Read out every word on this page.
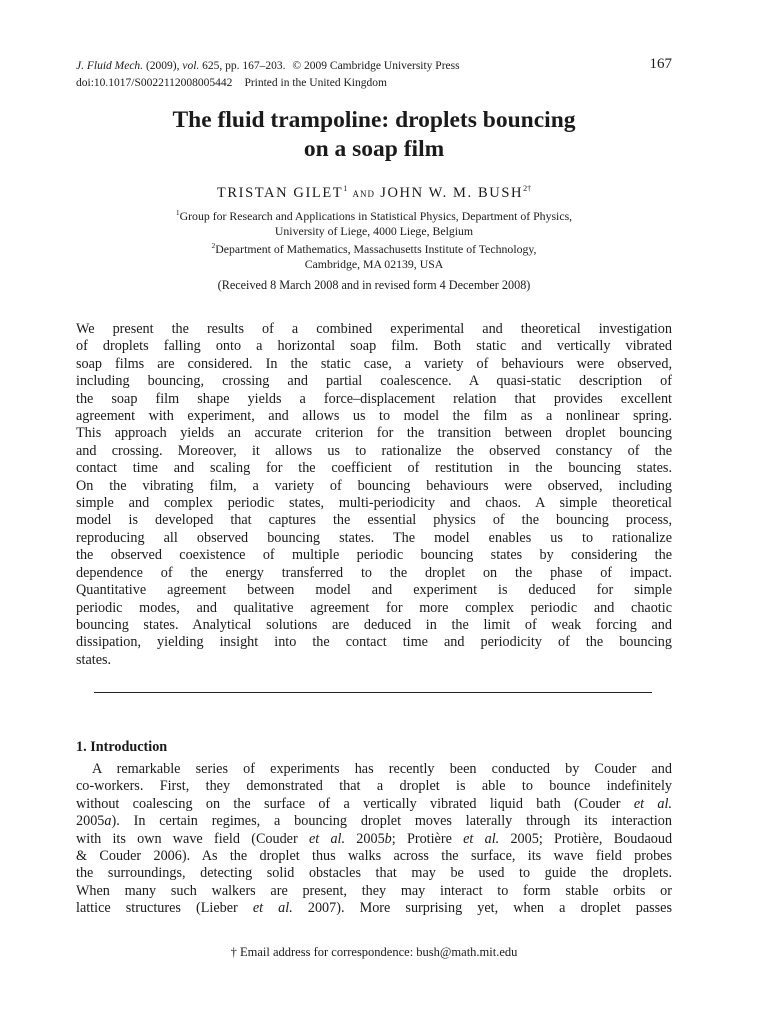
J. Fluid Mech. (2009), vol. 625, pp. 167–203. © 2009 Cambridge University Press
doi:10.1017/S0022112008005442 Printed in the United Kingdom
167
The fluid trampoline: droplets bouncing
on a soap film
TRISTAN GILET$^1$ and JOHN W. M. $BUSH^{2\dagger}$
$^1$Group for Research and Applications in Statistical Physics, Department of Physics,
University of Liege, 4000 Liege, Belgium
$^2$Department of Mathematics, Massachusetts Institute of Technology,
Cambridge, MA 02139, USA
(Received 8 March 2008 and in revised form 4 December 2008)
We present the results of a combined experimental and theoretical investigation
of droplets falling onto a horizontal soap film. Both static and vertically vibrated
soap films are considered. In the static case, a variety of behaviours were observed,
including bouncing, crossing and partial coalescence. A quasi-static description of
the soap film shape yields a force–displacement relation that provides excellent
agreement with experiment, and allows us to model the film as a nonlinear spring.
This approach yields an accurate criterion for the transition between droplet bouncing
and crossing. Moreover, it allows us to rationalize the observed constancy of the
contact time and scaling for the coefficient of restitution in the bouncing states.
On the vibrating film, a variety of bouncing behaviours were observed, including
simple and complex periodic states, multi-periodicity and chaos. A simple theoretical
model is developed that captures the essential physics of the bouncing process,
reproducing all observed bouncing states. The model enables us to rationalize
the observed coexistence of multiple periodic bouncing states by considering the
dependence of the energy transferred to the droplet on the phase of impact.
Quantitative agreement between model and experiment is deduced for simple
periodic modes, and qualitative agreement for more complex periodic and chaotic
bouncing states. Analytical solutions are deduced in the limit of weak forcing and
dissipation, yielding insight into the contact time and periodicity of the bouncing
states.
1. Introduction
A remarkable series of experiments has recently been conducted by Couder and
co-workers. First, they demonstrated that a droplet is able to bounce indefinitely
without coalescing on the surface of a vertically vibrated liquid bath (Couder et al.
2005a). In certain regimes, a bouncing droplet moves laterally through its interaction
with its own wave field (Couder et al. 2005b; Protière et al. 2005; Protière, Boudaoud
& Couder 2006). As the droplet thus walks across the surface, its wave field probes
the surroundings, detecting solid obstacles that may be used to guide the droplets.
When many such walkers are present, they may interact to form stable orbits or
lattice structures (Lieber et al. 2007). More surprising yet, when a droplet passes
† Email address for correspondence: bush@math.mit.edu
